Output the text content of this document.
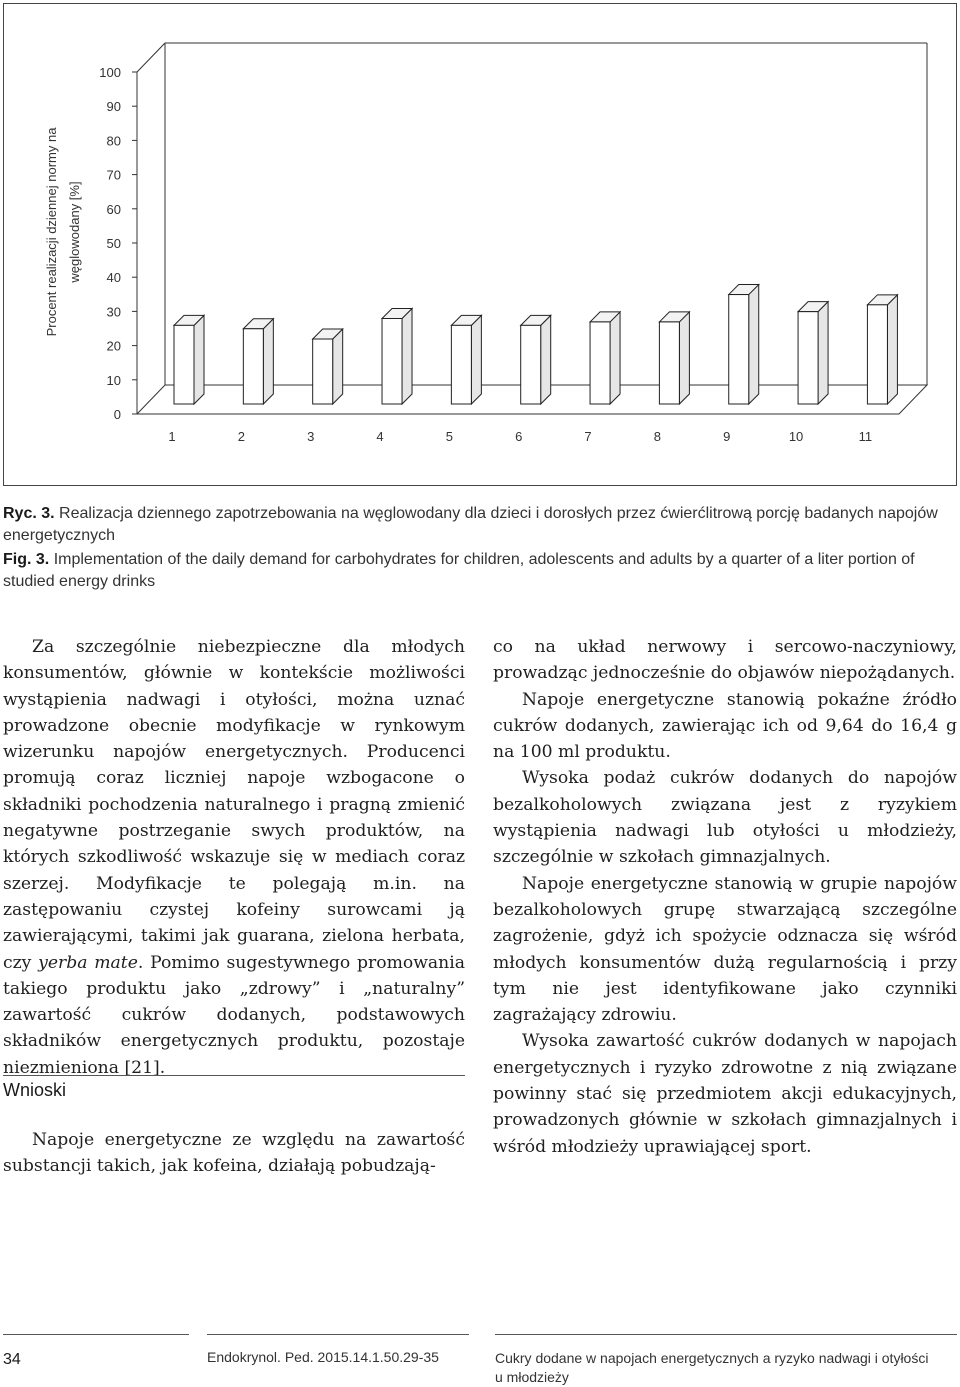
0
10
20
30
40
50
60
70
80
90
100
Procent realizacji dziennej normy na węglowodany [%]
1	2	3	4	5	6	7	8	9	10	11
Ryc. 3. Realizacja dziennego zapotrzebowania na węglowodany dla dzieci i dorosłych przez ćwierćlitrową porcję badanych napojów energetycznych
Fig. 3. Implementation of the daily demand for carbohydrates for children, adolescents and adults by a quarter of a liter portion of studied energy drinks

Za szczególnie niebezpieczne dla młodych konsumentów, głównie w kontekście możliwości wystąpienia nadwagi i otyłości, można uznać prowadzone obecnie modyfikacje w rynkowym wizerunku napojów energetycznych. Producenci promują coraz liczniej napoje wzbogacone o składniki pochodzenia naturalnego i pragną zmienić negatywne postrzeganie swych produktów, na których szkodliwość wskazuje się w mediach coraz szerzej. Modyfikacje te polegają m.in. na zastępowaniu czystej kofeiny surowcami ją zawierającymi, takimi jak guarana, zielona herbata, czy yerba mate. Pomimo sugestywnego promowania takiego produktu jako „zdrowy” i „naturalny” zawartość cukrów dodanych, podstawowych składników energetycznych produktu, pozostaje niezmieniona [21].

Wnioski

Napoje energetyczne ze względu na zawartość substancji takich, jak kofeina, działają pobudzają-

co na układ nerwowy i sercowo-naczyniowy, prowadząc jednocześnie do objawów niepożądanych.

Napoje energetyczne stanowią pokaźne źródło cukrów dodanych, zawierając ich od 9,64 do 16,4 g na 100 ml produktu.

Wysoka podaż cukrów dodanych do napojów bezalkoholowych związana jest z ryzykiem wystąpienia nadwagi lub otyłości u młodzieży, szczególnie w szkołach gimnazjalnych.

Napoje energetyczne stanowią w grupie napojów bezalkoholowych grupę stwarzającą szczególne zagrożenie, gdyż ich spożycie odznacza się wśród młodych konsumentów dużą regularnością i przy tym nie jest identyfikowane jako czynniki zagrażający zdrowiu.

Wysoka zawartość cukrów dodanych w napojach energetycznych i ryzyko zdrowotne z nią związane powinny stać się przedmiotem akcji edukacyjnych, prowadzonych głównie w szkołach gimnazjalnych i wśród młodzieży uprawiającej sport.

34	Endokrynol. Ped. 2015.14.1.50.29-35	Cukry dodane w napojach energetycznych a ryzyko nadwagi i otyłości u młodzieży
